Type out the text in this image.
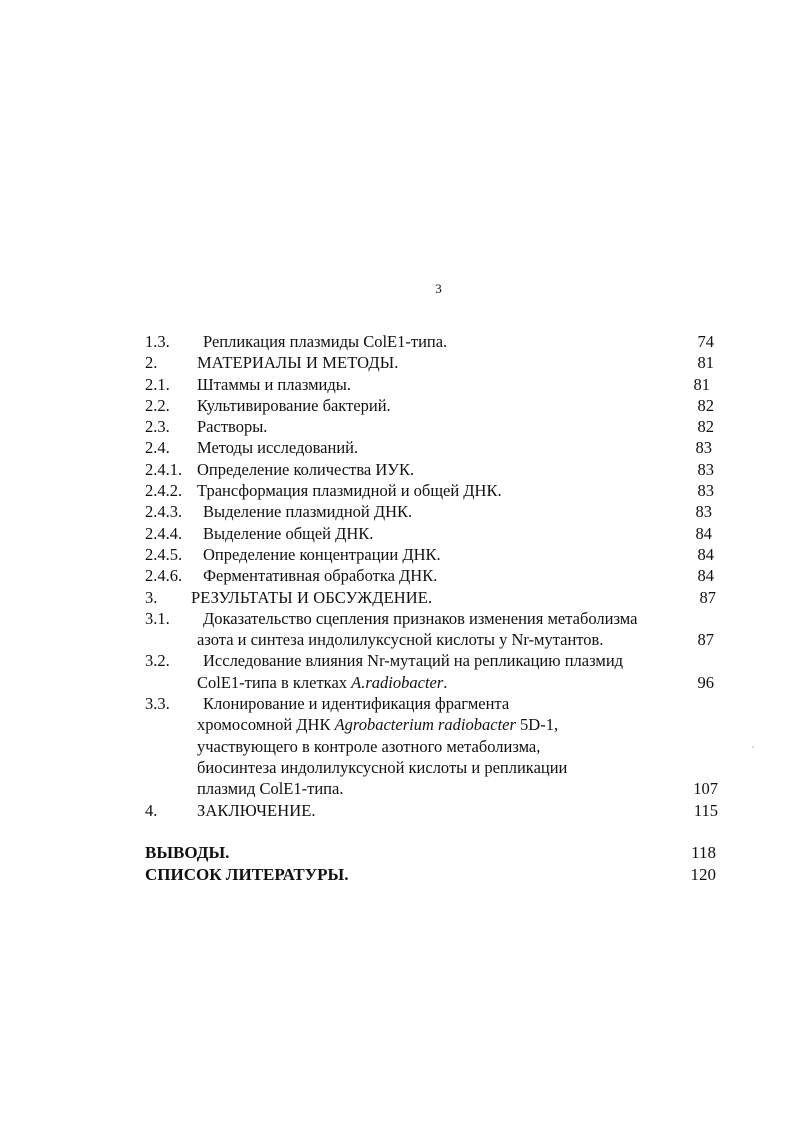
3
1.3.	Репликация плазмиды ColE1-типа.	74
2.	МАТЕРИАЛЫ И МЕТОДЫ.	81
2.1.	Штаммы и плазмиды.	81
2.2.	Культивирование бактерий.	82
2.3.	Растворы.	82
2.4.	Методы исследований.	83
2.4.1. Определение количества ИУК.	83
2.4.2. Трансформация плазмидной и общей ДНК.	83
2.4.3.	Выделение плазмидной ДНК.	83
2.4.4.	Выделение общей ДНК.	84
2.4.5.	Определение концентрации ДНК.	84
2.4.6.	Ферментативная обработка ДНК.	84
3.	РЕЗУЛЬТАТЫ И ОБСУЖДЕНИЕ.	87
3.1.	Доказательство сцепления признаков изменения метаболизма
азота и синтеза индолилуксусной кислоты у Nr-мутантов.	87
3.2.	Исследование влияния Nr-мутаций на репликацию плазмид
ColE1-типа в клетках A.radiobacter.	96
3.3.	Клонирование и идентификация фрагмента
хромосомной ДНК Agrobacterium radiobacter 5D-1,
участвующего в контроле азотного метаболизма,
биосинтеза индолилуксусной кислоты и репликации
плазмид ColE1-типа.	107
4.	ЗАКЛЮЧЕНИЕ.	115
ВЫВОДЫ.	118
СПИСОК ЛИТЕРАТУРЫ.	120
